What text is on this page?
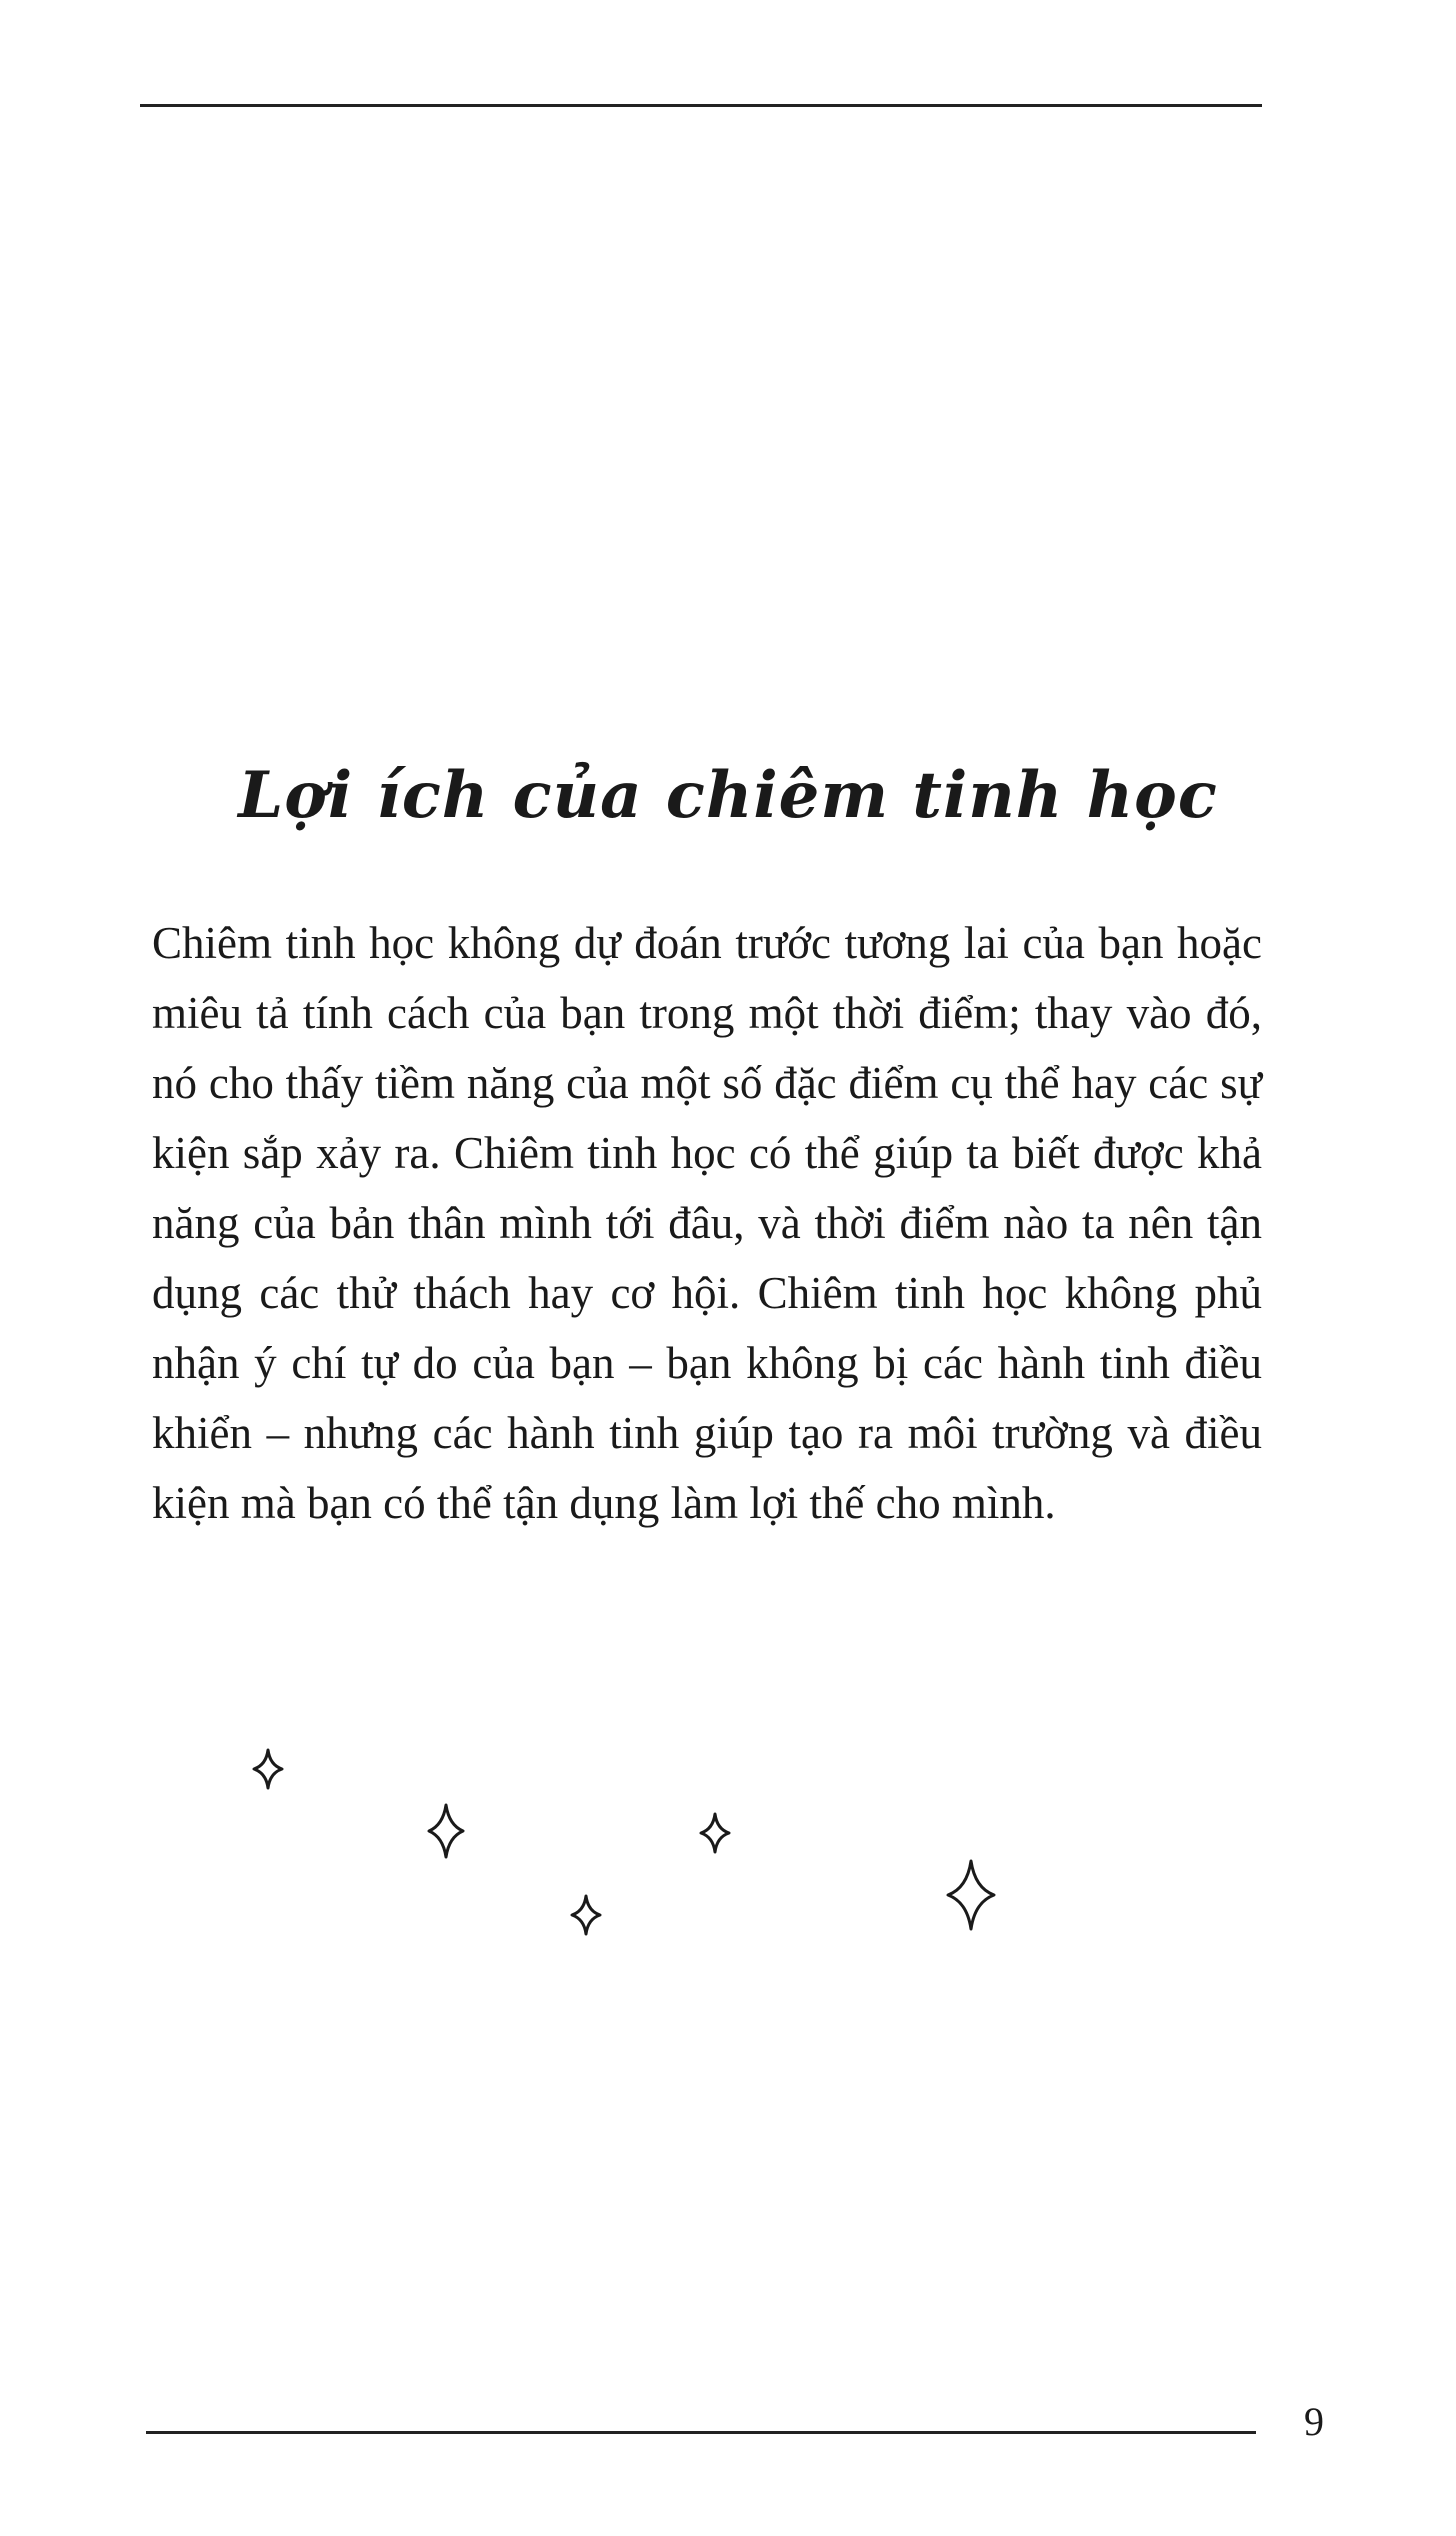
Lợi ích của chiêm tinh học

Chiêm tinh học không dự đoán trước tương lai của bạn hoặc miêu tả tính cách của bạn trong một thời điểm; thay vào đó, nó cho thấy tiềm năng của một số đặc điểm cụ thể hay các sự kiện sắp xảy ra. Chiêm tinh học có thể giúp ta biết được khả năng của bản thân mình tới đâu, và thời điểm nào ta nên tận dụng các thử thách hay cơ hội. Chiêm tinh học không phủ nhận ý chí tự do của bạn – bạn không bị các hành tinh điều khiển – nhưng các hành tinh giúp tạo ra môi trường và điều kiện mà bạn có thể tận dụng làm lợi thế cho mình.

9
